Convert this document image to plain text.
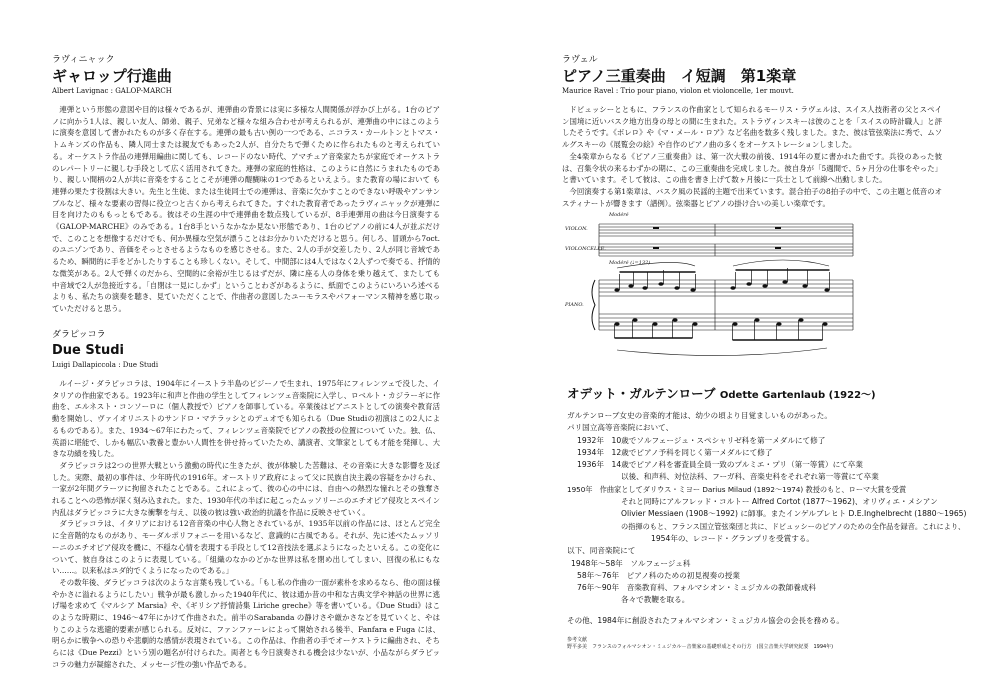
ラヴィニャック

ギャロップ行進曲

Albert Lavignac : GALOP-MARCH

連弾という形態の意図や目的は様々であるが、連弾曲の背景には実に多様な人間関係が浮かび上がる。1台のピアノに向かう1人は、親しい友人、師弟、親子、兄弟など様々な組み合わせが考えられるが、連弾曲の中にはこのように演奏を意図して書かれたものが多く存在する。連弾の最も古い例の一つである、ニコラス・カールトンとトマス・トムキンズの作品も、隣人同士または親友でもあった2人が、自分たちで弾くために作られたものと考えられている。オーケストラ作品の連弾用編曲に関しても、レコードのない時代、アマチュア音楽家たちが家庭でオーケストラのレパートリーに親しむ手段として広く活用されてきた。連弾の家庭的性格は、このように自然にうまれたものであり、親しい間柄の2人が共に音楽をすることこそが連弾の醍醐味の1つであるといえよう。また教育の場において も連弾の果たす役割は大きい。先生と生徒、または生徒同士での連弾は、音楽に欠かすことのできない呼吸やアンサンブルなど、様々な要素の習得に役立つと古くから考えられてきた。すぐれた教育者であったラヴィニャックが連弾に目を向けたのももっともである。彼はその生涯の中で連弾曲を数点残しているが、8手連弾用の曲は今日演奏する《GALOP-MARCHE》のみである。1台8手というなかなか見ない形態であり、1台のピアノの前に4人が並ぶだけで、このことを想像するだけでも、何か異様な空気が漂うことはお分かりいただけると思う。何しろ、冒頭から7oct.のユニゾンであり、音価をそっとさせるようなものを感じさせる。また、2人の手が交差したり、2人が同じ音域であるため、瞬間的に手をどかしたりすることも珍しくない。そして、中間部には4人ではなく2人ずつで奏でる、抒情的な微笑がある。2人で弾くのだから、空間的に余裕が生じるはずだが、隣に座る人の身体を乗り越えて、またしても中音域で2人が急接近する。「自閉は一見にしかず」ということわざがあるように、紙面でこのようにいろいろ述べるよりも、私たちの演奏を聴き、見ていただくことで、作曲者の意図したユーモラスやパフォーマンス精神を感じ取っていただけると思う。

ダラピッコラ

Due Studi

Luigi Dallapiccola : Due Studi

ルイージ・ダラピッコラは、1904年にイーストラ半島のピジーノで生まれ、1975年にフィレンツェで没した、イタリアの作曲家である。1923年に和声と作曲の学生としてフィレンツェ音楽院に入学し、ロベルト・カジラーギに作曲を、エルネスト・コンソーロに（個人教授で）ピアノを師事している。卒業後はピアニストとしての演奏や教育活動を開始し、ヴァイオリニストのサンドロ・マテラッシとのデュオでも知られる（Due Studiの初演はこの2人によるものである）。また、1934～67年にわたって、フィレンツェ音楽院でピアノの教授の位置について いた。独、仏、英語に堪能で、しかも幅広い教養と豊かい人間性を併せ持っていたため、講演者、文筆家としても才能を発揮し、大きな功績を残した。

ダラピッコラは2つの世界大戦という激動の時代に生きたが、彼が体験した苦難は、その音楽に大きな影響を及ぼした。実際、最初の事件は、少年時代の1916年。オーストリア政府によって父に民族自決主義の容疑をかけられ、一家が2年間グラーツに拘留されたことである。これによって、彼の心の中には、自由への熱烈な憧れとその強奪されることへの恐怖が深く刻み込まれた。また、1930年代の半ばに起こったムッソリーニのエチオピア侵攻とスペイン内乱はダラピッコラに大きな衝撃を与え、以後の彼は強い政治的抗議を作品に反映させていく。

ダラピッコラは、イタリアにおける12音音楽の中心人物とされているが、1935年以前の作品には、ほとんど完全に全音階的なものがあり、モーダルポリフォニーを用いるなど、意識的に古風である。それが、先に述べたムッソリーニのエチオピア侵攻を機に、不穏な心情を表現する手段として12音技法を選ぶようになったといえる。この変化について、彼自身はこのように表現している。「組織のなかのどかな世界は私を閉め出してしまい、回復の私にもない……。以来私はユダ的でくようになったのである。」

その数年後、ダラピッコラは次のような言葉も残している。「もし私の作曲の一面が素朴を求めるなら、他の面は様やかさに溢れるようにしたい」戦争が最も激しかった1940年代に、彼は通か昔の中和な古典文学や神話の世界に逃げ場を求めて《マルシア Marsia》や、《ギリシア抒情詩集 Liriche greche》等を書いている。《Due Studi》はこのような時期に、1946～47年にかけて作曲された。前半のSarabanda の静けさや厳かさなどを見ていくと、やはりこのような逃避的要素が感じられる。反対に、ファンファーレによって開始される後半、Fanfara e Fuga には、明らかに戦争への恐りや悲劇的な感情が表現されている。この作品は、作曲者の手でオーケストラに編曲され、そちらには《Due Pezzi》という別の題名が付けられた。両者とも今日演奏される機会は少ないが、小品ながらダラピッコラの魅力が凝縮された、メッセージ性の強い作品である。

ラヴェル

ピアノ三重奏曲　イ短調　第1楽章

Maurice Ravel : Trio pour piano, violon et violoncelle, 1er mouvt.

ドビュッシーとともに、フランスの作曲家として知られるモーリス・ラヴェルは、スイス人技術者の父とスペイン国境に近いバスク地方出身の母との間に生まれた。ストラヴィンスキーは彼のことを「スイスの時計職人」と評したそうです。《ボレロ》や《マ・メール・ロア》など名曲を数多く残しました。また、彼は管弦楽法に秀で、ムソルグスキーの《展覧会の絵》や自作のピアノ曲の多くをオーケストレーションしました。

全4楽章からなる《ピアノ三重奏曲》は、第一次大戦の前後、1914年の夏に書かれた曲です。兵役のあった彼は、召集令状の来るわずかの期に、この三重奏曲を完成しました。彼自身が「5週間で、5ヶ月分の仕事をやった」と書いています。そして彼は、この曲を書き上げて数ヶ月後に一兵士として前線へ出動しました。

今回演奏する第1楽章は、バスク風の民謡的主題で出来ています。混合拍子の8拍子の中で、この主題と低音のオスティナートが響きます（譜例）。弦楽器とピアノの掛け合いの美しい楽章です。

VIOLON.
VIOLONCELLE.
PIANO.
Modéré
Modéré (♩=132)
オデット・ガルテンローブ Odette Gartenlaub (1922～)

ガルテンローブ女史の音楽的才能は、幼少の頃より目覚ましいものがあった。

パリ国立高等音楽院において、

1932年　10歳でソルフェージュ・スペシャリゼ科を第一メダルにて修了

1934年　12歳でピアノ予科を同じく第一メダルにて修了

1936年　14歳でピアノ科を審査員全員一致のプルミエ・プリ（第一等賞）にて卒業

以後、和声科、対位法科、フーガ科、音楽史科をそれぞれ第一等賞にて卒業

1950年　作曲家としてダリウス・ミヨー Darius Milaud (1892～1974) 教授のもと、ローマ大賞を受賞

それと同時にアルフレッド・コルトー Alfred Cortot (1877～1962)、オリヴィエ・メシアン

Olivier Messiaen (1908～1992) に師事。またインゲルブレヒト D.E.Inghelbrecht (1880～1965)

の指揮のもと、フランス国立管弦楽団と共に、ドビュッシーのピアノのための全作品を録音。これにより、

1954年の、レコード・グランプリを受賞する。

以下、同音楽院にて

1948年～58年　ソルフェージュ科

58年～76年　ピアノ科のための初見視奏の授業

76年～90年　音楽教育科、フォルマシオン・ミュジカルの教師養成科

各々で教鞭を取る。

その他、1984年に創設されたフォルマシオン・ミュジカル協会の会長を務める。

参考文献

野平多美　フランスのフォルマシオン・ミュジカル－音楽家の基礎形成とその行方　(国立音楽大学研究紀要　1994年)
